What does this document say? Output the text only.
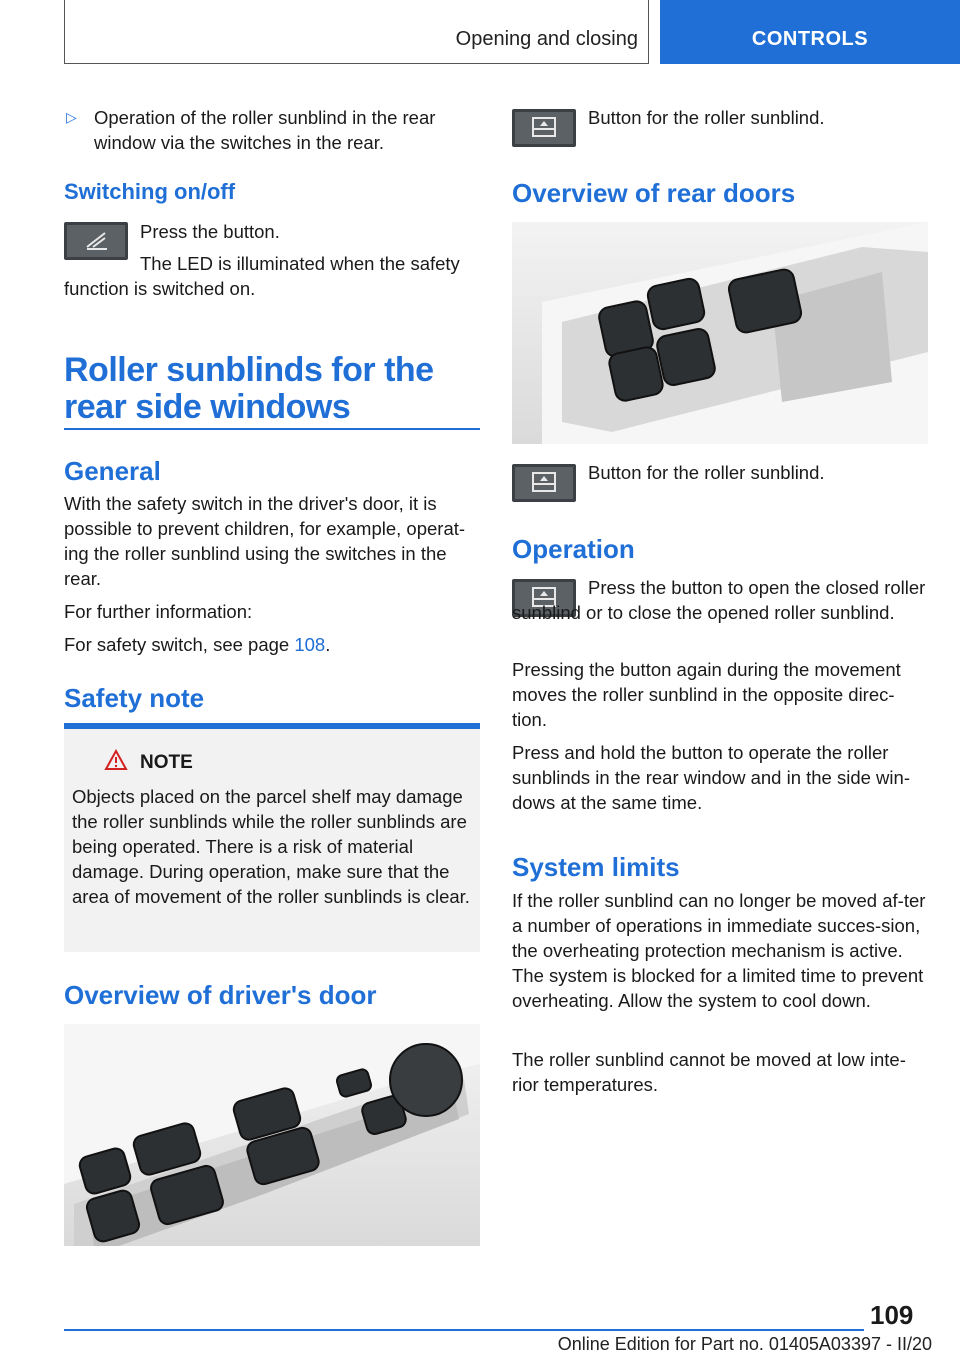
Opening and closing	CONTROLS
▷ Operation of the roller sunblind in the rear window via the switches in the rear.

Switching on/off
Press the button.
The LED is illuminated when the safety function is switched on.
Roller sunblinds for the rear side windows
General
With the safety switch in the driver's door, it is possible to prevent children, for example, operat-ing the roller sunblind using the switches in the rear.
For further information:
For safety switch, see page 108.
Safety note
NOTE
Objects placed on the parcel shelf may damage the roller sunblinds while the roller sunblinds are being operated. There is a risk of material damage. During operation, make sure that the area of movement of the roller sunblinds is clear.
Overview of driver's door
Button for the roller sunblind.
Overview of rear doors
Button for the roller sunblind.
Operation
Press the button to open the closed roller sunblind or to close the opened roller sunblind.
Pressing the button again during the movement moves the roller sunblind in the opposite direc-tion.
Press and hold the button to operate the roller sunblinds in the rear window and in the side win-dows at the same time.
System limits
If the roller sunblind can no longer be moved af-ter a number of operations in immediate succes-sion, the overheating protection mechanism is active. The system is blocked for a limited time to prevent overheating. Allow the system to cool down.
The roller sunblind cannot be moved at low inte-rior temperatures.
109
Online Edition for Part no. 01405A03397 - II/20
